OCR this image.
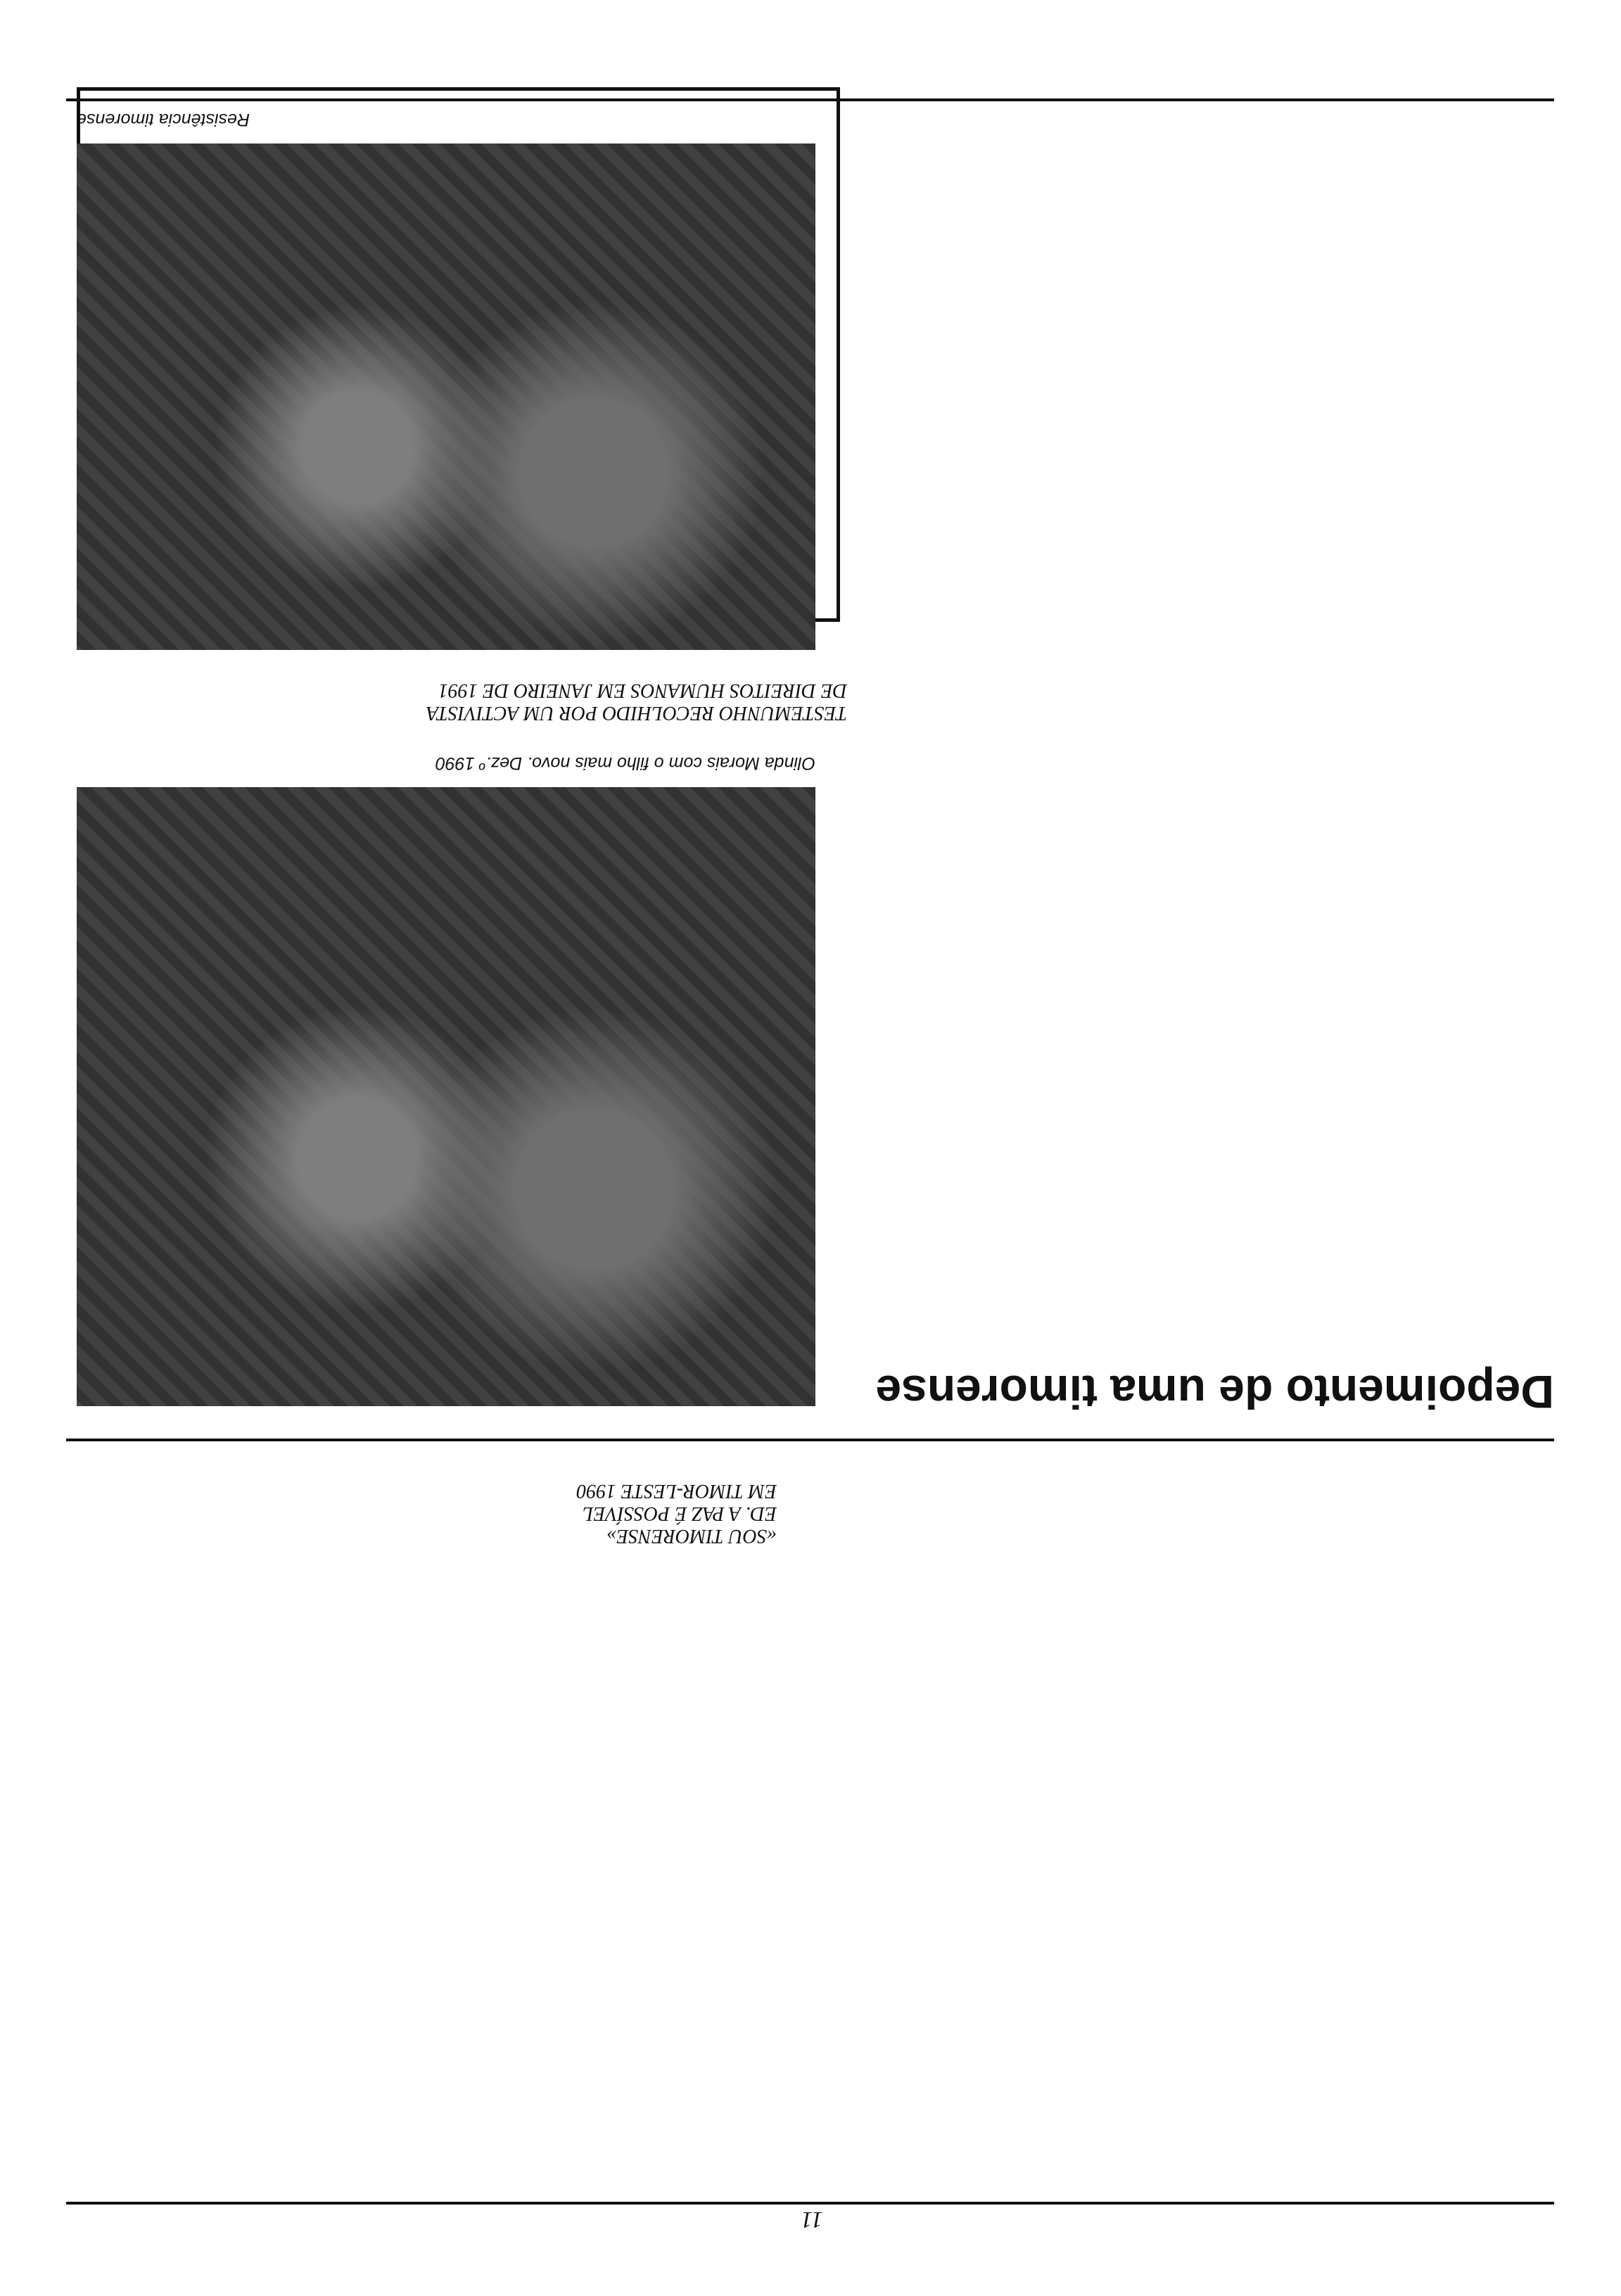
11

«SOU TIMORENSE»
ED. A PAZ É POSSÍVEL
EM TIMOR-LESTE 1990
Depoimento de uma timorense
Olinda Morais com o filho mais novo. Dez.º 1990
TESTEMUNHO RECOLHIDO POR UM ACTIVISTA
DE DIREITOS HUMANOS EM JANEIRO DE 1991

Resistência timorense
